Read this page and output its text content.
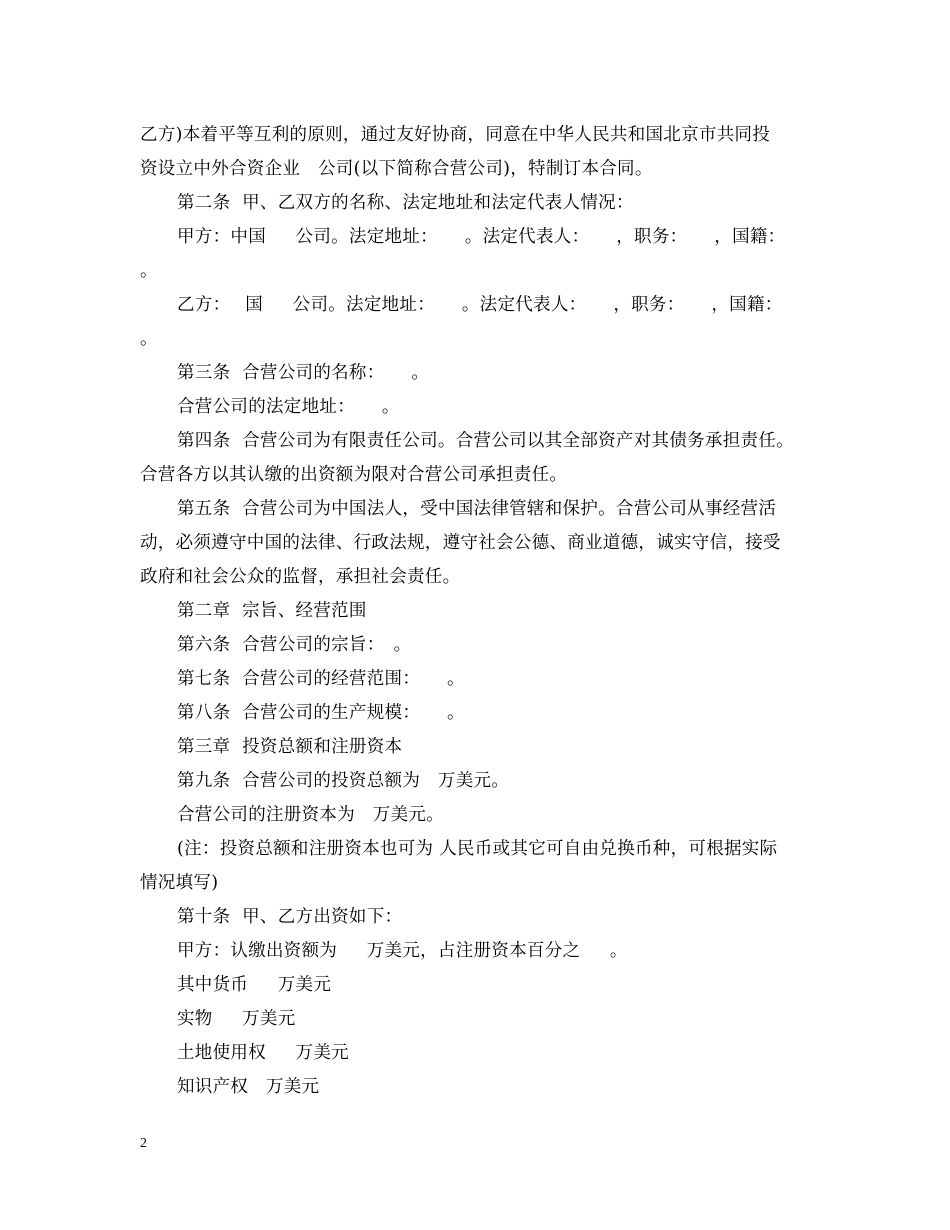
乙方)本着平等互利的原则，通过友好协商，同意在中华人民共和国北京市共同投
资设立中外合资企业　公司(以下简称合营公司)，特制订本合同。
第二条  甲、乙双方的名称、法定地址和法定代表人情况：
甲方：中国　  公司。法定地址：　　。法定代表人：　　，职务：　　，国籍：
。
乙方：　 国　  公司。法定地址：　　。法定代表人：　　，职务：　　，国籍：
。
第三条  合营公司的名称：　　。
合营公司的法定地址：　　。
第四条  合营公司为有限责任公司。合营公司以其全部资产对其债务承担责任。
合营各方以其认缴的出资额为限对合营公司承担责任。
第五条  合营公司为中国法人，受中国法律管辖和保护。合营公司从事经营活
动，必须遵守中国的法律、行政法规，遵守社会公德、商业道德，诚实守信，接受
政府和社会公众的监督，承担社会责任。
第二章  宗旨、经营范围
第六条  合营公司的宗旨：　。
第七条  合营公司的经营范围：　　。
第八条  合营公司的生产规模：　　。
第三章  投资总额和注册资本
第九条  合营公司的投资总额为　万美元。
合营公司的注册资本为　万美元。
(注：投资总额和注册资本也可为 人民币或其它可自由兑换币种，可根据实际
情况填写)
第十条  甲、乙方出资如下：
甲方：认缴出资额为　  万美元，占注册资本百分之　  。
其中货币　  万美元
实物　  万美元
土地使用权　  万美元
知识产权　万美元
2
